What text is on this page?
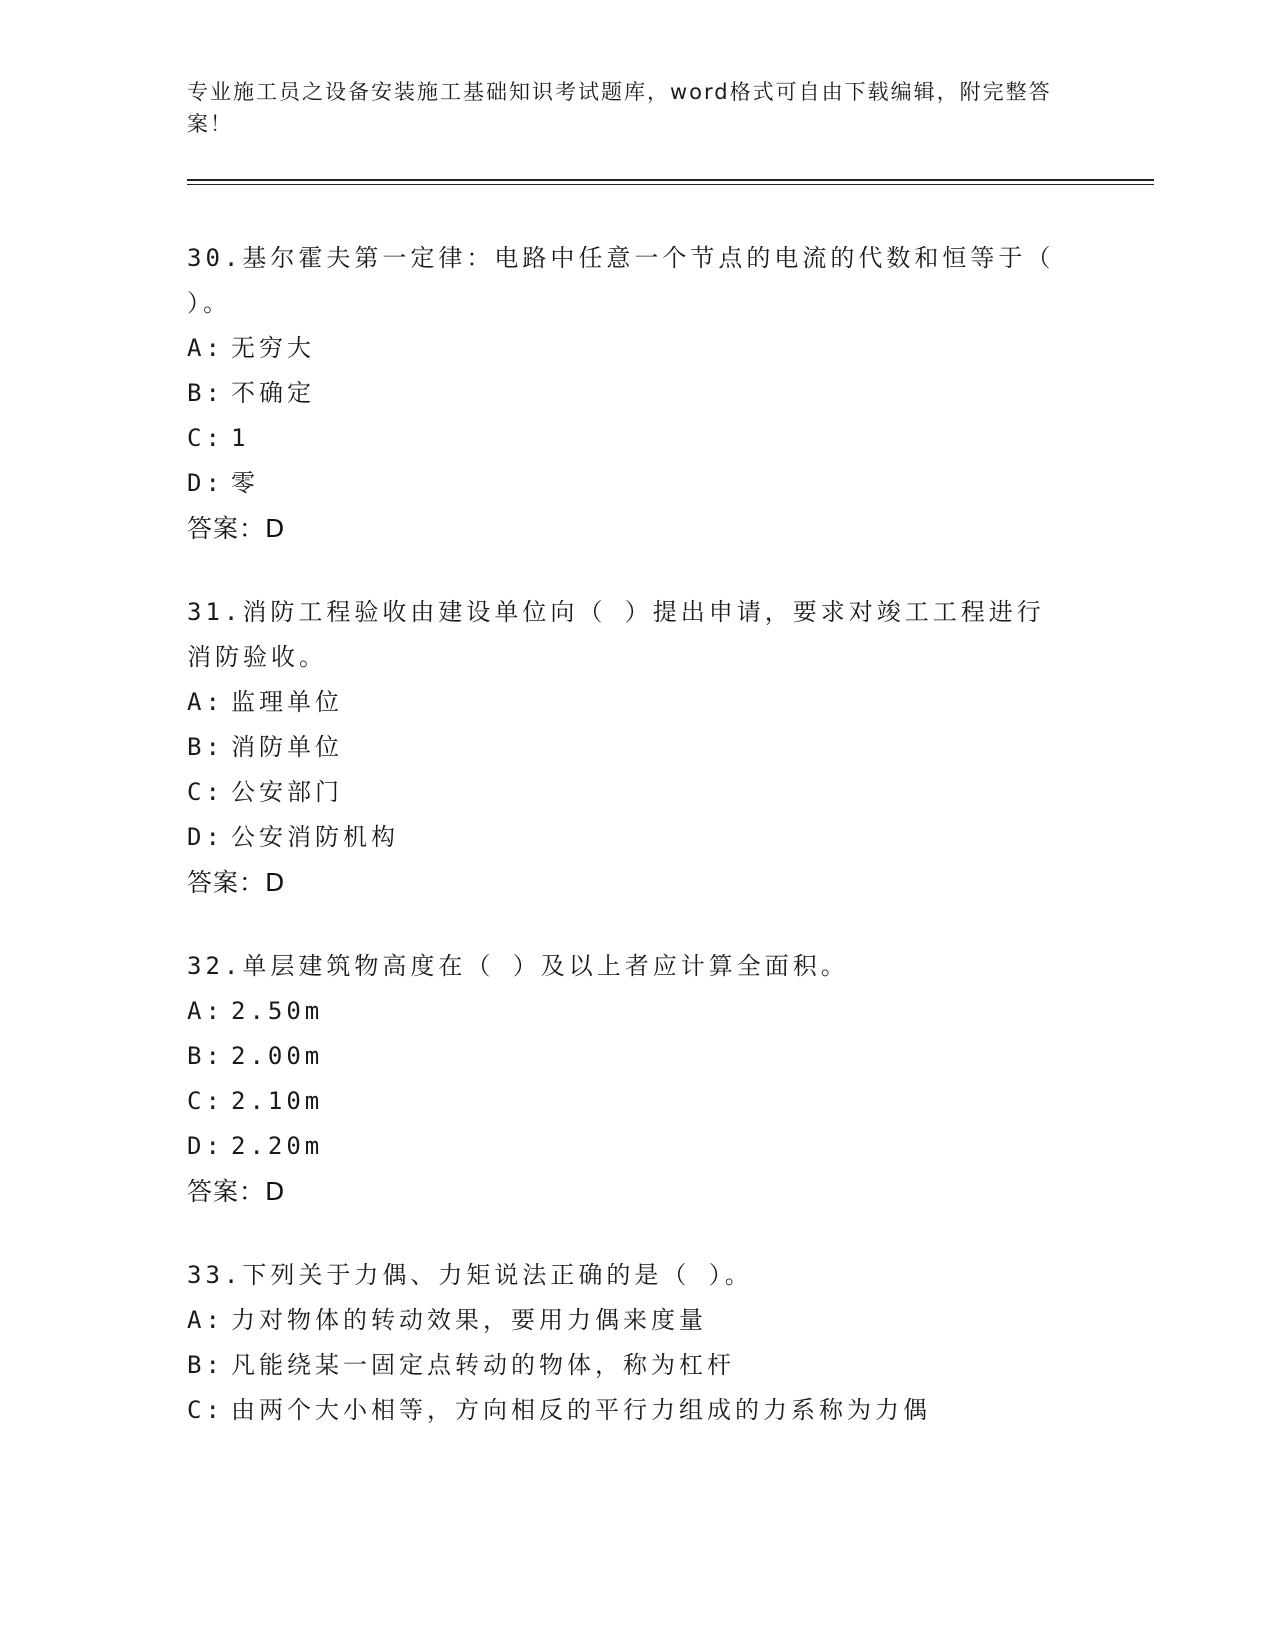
专业施工员之设备安装施工基础知识考试题库，word格式可自由下载编辑，附完整答案！
30.基尔霍夫第一定律：电路中任意一个节点的电流的代数和恒等于（ ）。
A: 无穷大
B: 不确定
C: 1
D: 零
答案：D
31.消防工程验收由建设单位向（ ）提出申请，要求对竣工工程进行消防验收。
A: 监理单位
B: 消防单位
C: 公安部门
D: 公安消防机构
答案：D
32.单层建筑物高度在（ ）及以上者应计算全面积。
A: 2.50m
B: 2.00m
C: 2.10m
D: 2.20m
答案：D
33.下列关于力偶、力矩说法正确的是（ ）。
A: 力对物体的转动效果，要用力偶来度量
B: 凡能绕某一固定点转动的物体，称为杠杆
C: 由两个大小相等，方向相反的平行力组成的力系称为力偶
